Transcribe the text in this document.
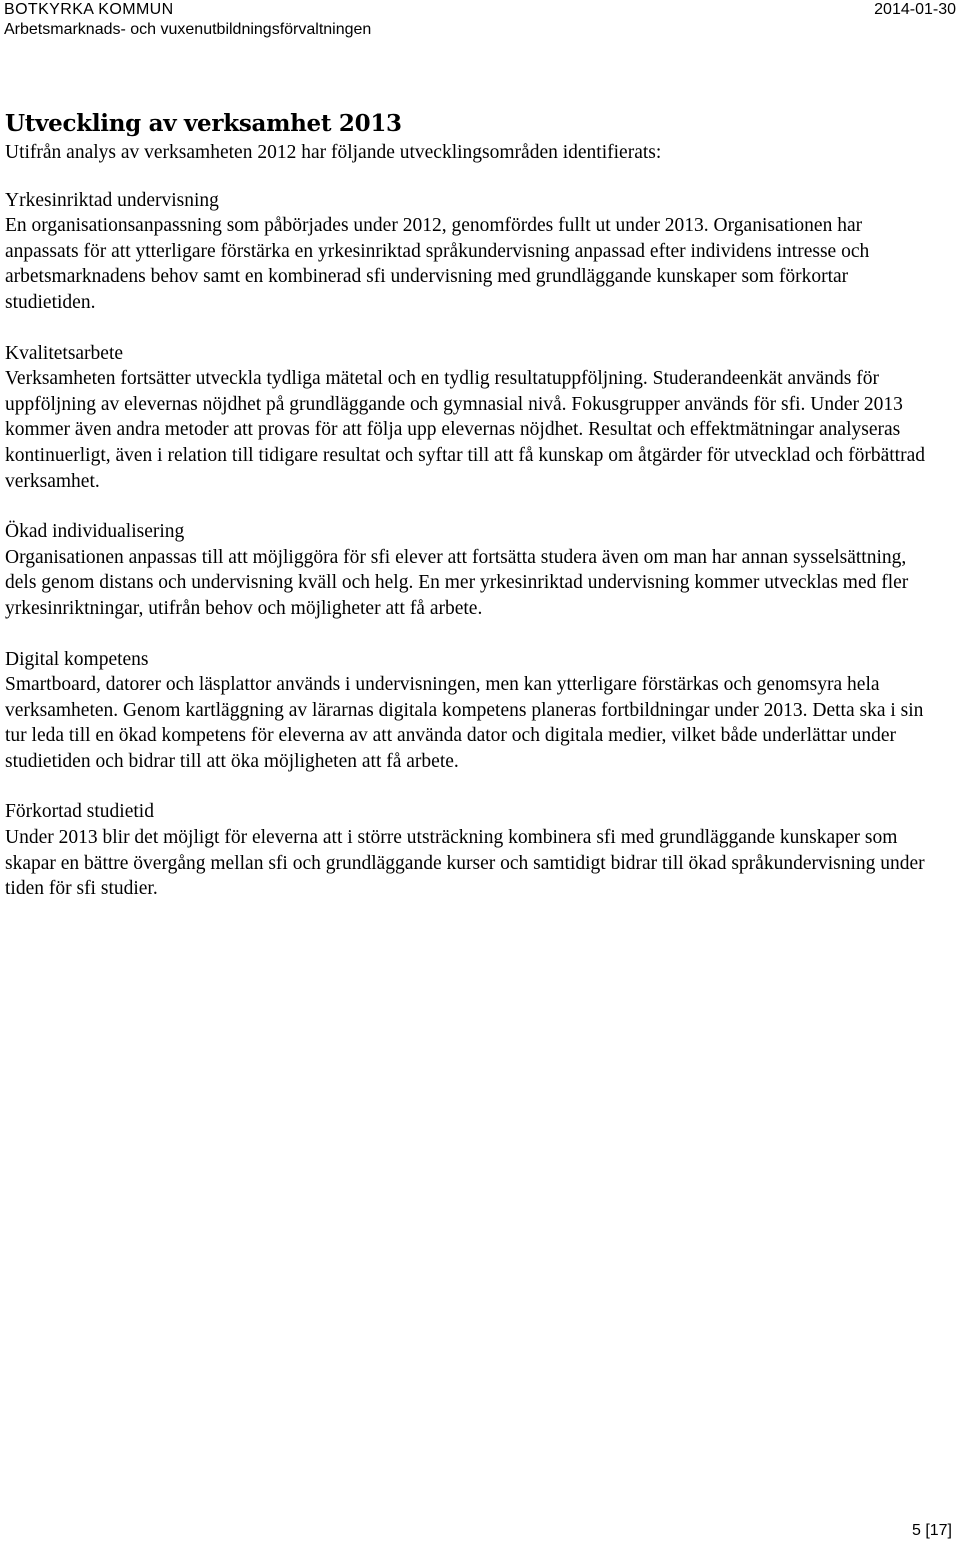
BOTKYRKA KOMMUN
Arbetsmarknads- och vuxenutbildningsförvaltningen
2014-01-30
Utveckling av verksamhet 2013

Utifrån analys av verksamheten 2012 har följande utvecklingsområden identifierats:

Yrkesinriktad undervisning

En organisationsanpassning som påbörjades under 2012, genomfördes fullt ut under 2013. Organisationen har anpassats för att ytterligare förstärka en yrkesinriktad språkundervisning anpassad efter individens intresse och arbetsmarknadens behov samt en kombinerad sfi undervisning med grundläggande kunskaper som förkortar studietiden.

Kvalitetsarbete

Verksamheten fortsätter utveckla tydliga mätetal och en tydlig resultatuppföljning. Studerandeenkät används för uppföljning av elevernas nöjdhet på grundläggande och gymnasial nivå. Fokusgrupper används för sfi. Under 2013 kommer även andra metoder att provas för att följa upp elevernas nöjdhet. Resultat och effektmätningar analyseras kontinuerligt, även i relation till tidigare resultat och syftar till att få kunskap om åtgärder för utvecklad och förbättrad verksamhet.

Ökad individualisering

Organisationen anpassas till att möjliggöra för sfi elever att fortsätta studera även om man har annan sysselsättning, dels genom distans och undervisning kväll och helg. En mer yrkesinriktad undervisning kommer utvecklas med fler yrkesinriktningar, utifrån behov och möjligheter att få arbete.

Digital kompetens

Smartboard, datorer och läsplattor används i undervisningen, men kan ytterligare förstärkas och genomsyra hela verksamheten. Genom kartläggning av lärarnas digitala kompetens planeras fortbildningar under 2013. Detta ska i sin tur leda till en ökad kompetens för eleverna av att använda dator och digitala medier, vilket både underlättar under studietiden och bidrar till att öka möjligheten att få arbete.

Förkortad studietid

Under 2013 blir det möjligt för eleverna att i större utsträckning kombinera sfi med grundläggande kunskaper som skapar en bättre övergång mellan sfi och grundläggande kurser och samtidigt bidrar till ökad språkundervisning under tiden för sfi studier.

5 [17]
